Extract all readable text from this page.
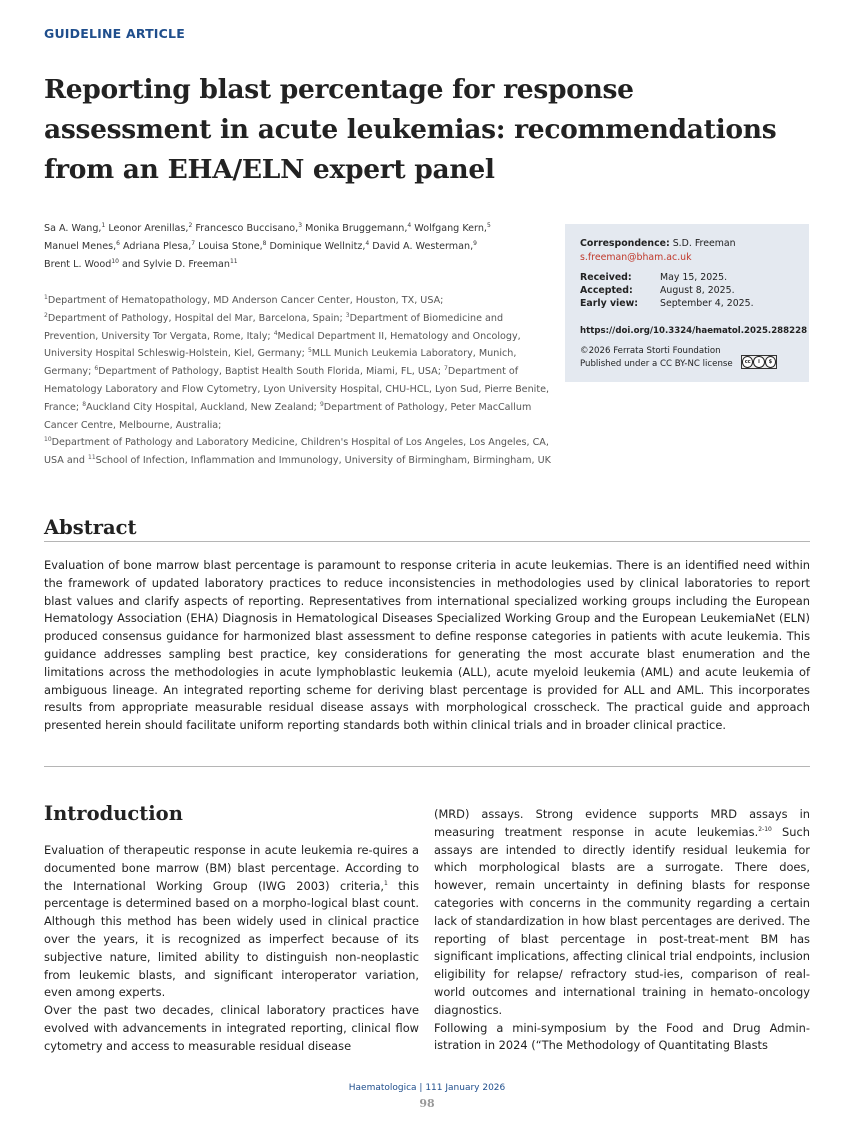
GUIDELINE ARTICLE
Reporting blast percentage for response assessment in acute leukemias: recommendations from an EHA/ELN expert panel
Sa A. Wang,$^1$ Leonor Arenillas,$^2$ Francesco Buccisano,$^3$ Monika Bruggemann,$^4$ Wolfgang Kern,$^5$
Manuel Menes,$^6$ Adriana Plesa,$^7$ Louisa Stone,$^8$ Dominique Wellnitz,$^4$ David A. Westerman,$^9$
Brent L. Wood$^{10}$ and Sylvie D. Freeman$^{11}$
$^1$Department of Hematopathology, MD Anderson Cancer Center, Houston, TX, USA;
$^2$Department of Pathology, Hospital del Mar, Barcelona, Spain; $^3$Department of Biomedicine and Prevention, University Tor Vergata, Rome, Italy; $^4$Medical Department II, Hematology and Oncology, University Hospital Schleswig-Holstein, Kiel, Germany; $^5$MLL Munich Leukemia Laboratory, Munich, Germany; $^6$Department of Pathology, Baptist Health South Florida, Miami, FL, USA; $^7$Department of Hematology Laboratory and Flow Cytometry, Lyon University Hospital, CHU-HCL, Lyon Sud, Pierre Benite, France; $^8$Auckland City Hospital, Auckland, New Zealand; $^9$Department of Pathology, Peter MacCallum Cancer Centre, Melbourne, Australia;
$^{10}$Department of Pathology and Laboratory Medicine, Children's Hospital of Los Angeles, Los Angeles, CA, USA and $^{11}$School of Infection, Inflammation and Immunology, University of Birmingham, Birmingham, UK
Correspondence: S.D. Freeman
s.freeman@bham.ac.uk
Received:	May 15, 2025.
Accepted:	August 8, 2025.
Early view: September 4, 2025.
https://doi.org/10.3324/haematol.2025.288228
©2026 Ferrata Storti Foundation
Published under a CC BY-NC license	cc	i	$
Abstract
Evaluation of bone marrow blast percentage is paramount to response criteria in acute leukemias. There is an identified need within the framework of updated laboratory practices to reduce inconsistencies in methodologies used by clinical laboratories to report blast values and clarify aspects of reporting. Representatives from international specialized working groups including the European Hematology Association (EHA) Diagnosis in Hematological Diseases Specialized Working Group and the European LeukemiaNet (ELN) produced consensus guidance for harmonized blast assessment to define response categories in patients with acute leukemia. This guidance addresses sampling best practice, key considerations for generating the most accurate blast enumeration and the limitations across the methodologies in acute lymphoblastic leukemia (ALL), acute myeloid leukemia (AML) and acute leukemia of ambiguous lineage. An integrated reporting scheme for deriving blast percentage is provided for ALL and AML. This incorporates results from appropriate measurable residual disease assays with morphological crosscheck. The practical guide and approach presented herein should facilitate uniform reporting standards both within clinical trials and in broader clinical practice.
Introduction

Evaluation of therapeutic response in acute leukemia re-quires a documented bone marrow (BM) blast percentage. According to the International Working Group (IWG 2003) criteria,$^1$ this percentage is determined based on a morpho-logical blast count. Although this method has been widely used in clinical practice over the years, it is recognized as imperfect because of its subjective nature, limited ability to distinguish non-neoplastic from leukemic blasts, and significant interoperator variation, even among experts.

Over the past two decades, clinical laboratory practices have evolved with advancements in integrated reporting, clinical flow cytometry and access to measurable residual disease

(MRD) assays. Strong evidence supports MRD assays in measuring treatment response in acute leukemias.$^{2-10}$ Such assays are intended to directly identify residual leukemia for which morphological blasts are a surrogate. There does, however, remain uncertainty in defining blasts for response categories with concerns in the community regarding a certain lack of standardization in how blast percentages are derived. The reporting of blast percentage in post-treat-ment BM has significant implications, affecting clinical trial endpoints, inclusion eligibility for relapse/ refractory stud-ies, comparison of real-world outcomes and international training in hemato-oncology diagnostics.

Following a mini-symposium by the Food and Drug Admin-istration in 2024 (“The Methodology of Quantitating Blasts

Haematologica | 111 January 2026
98
